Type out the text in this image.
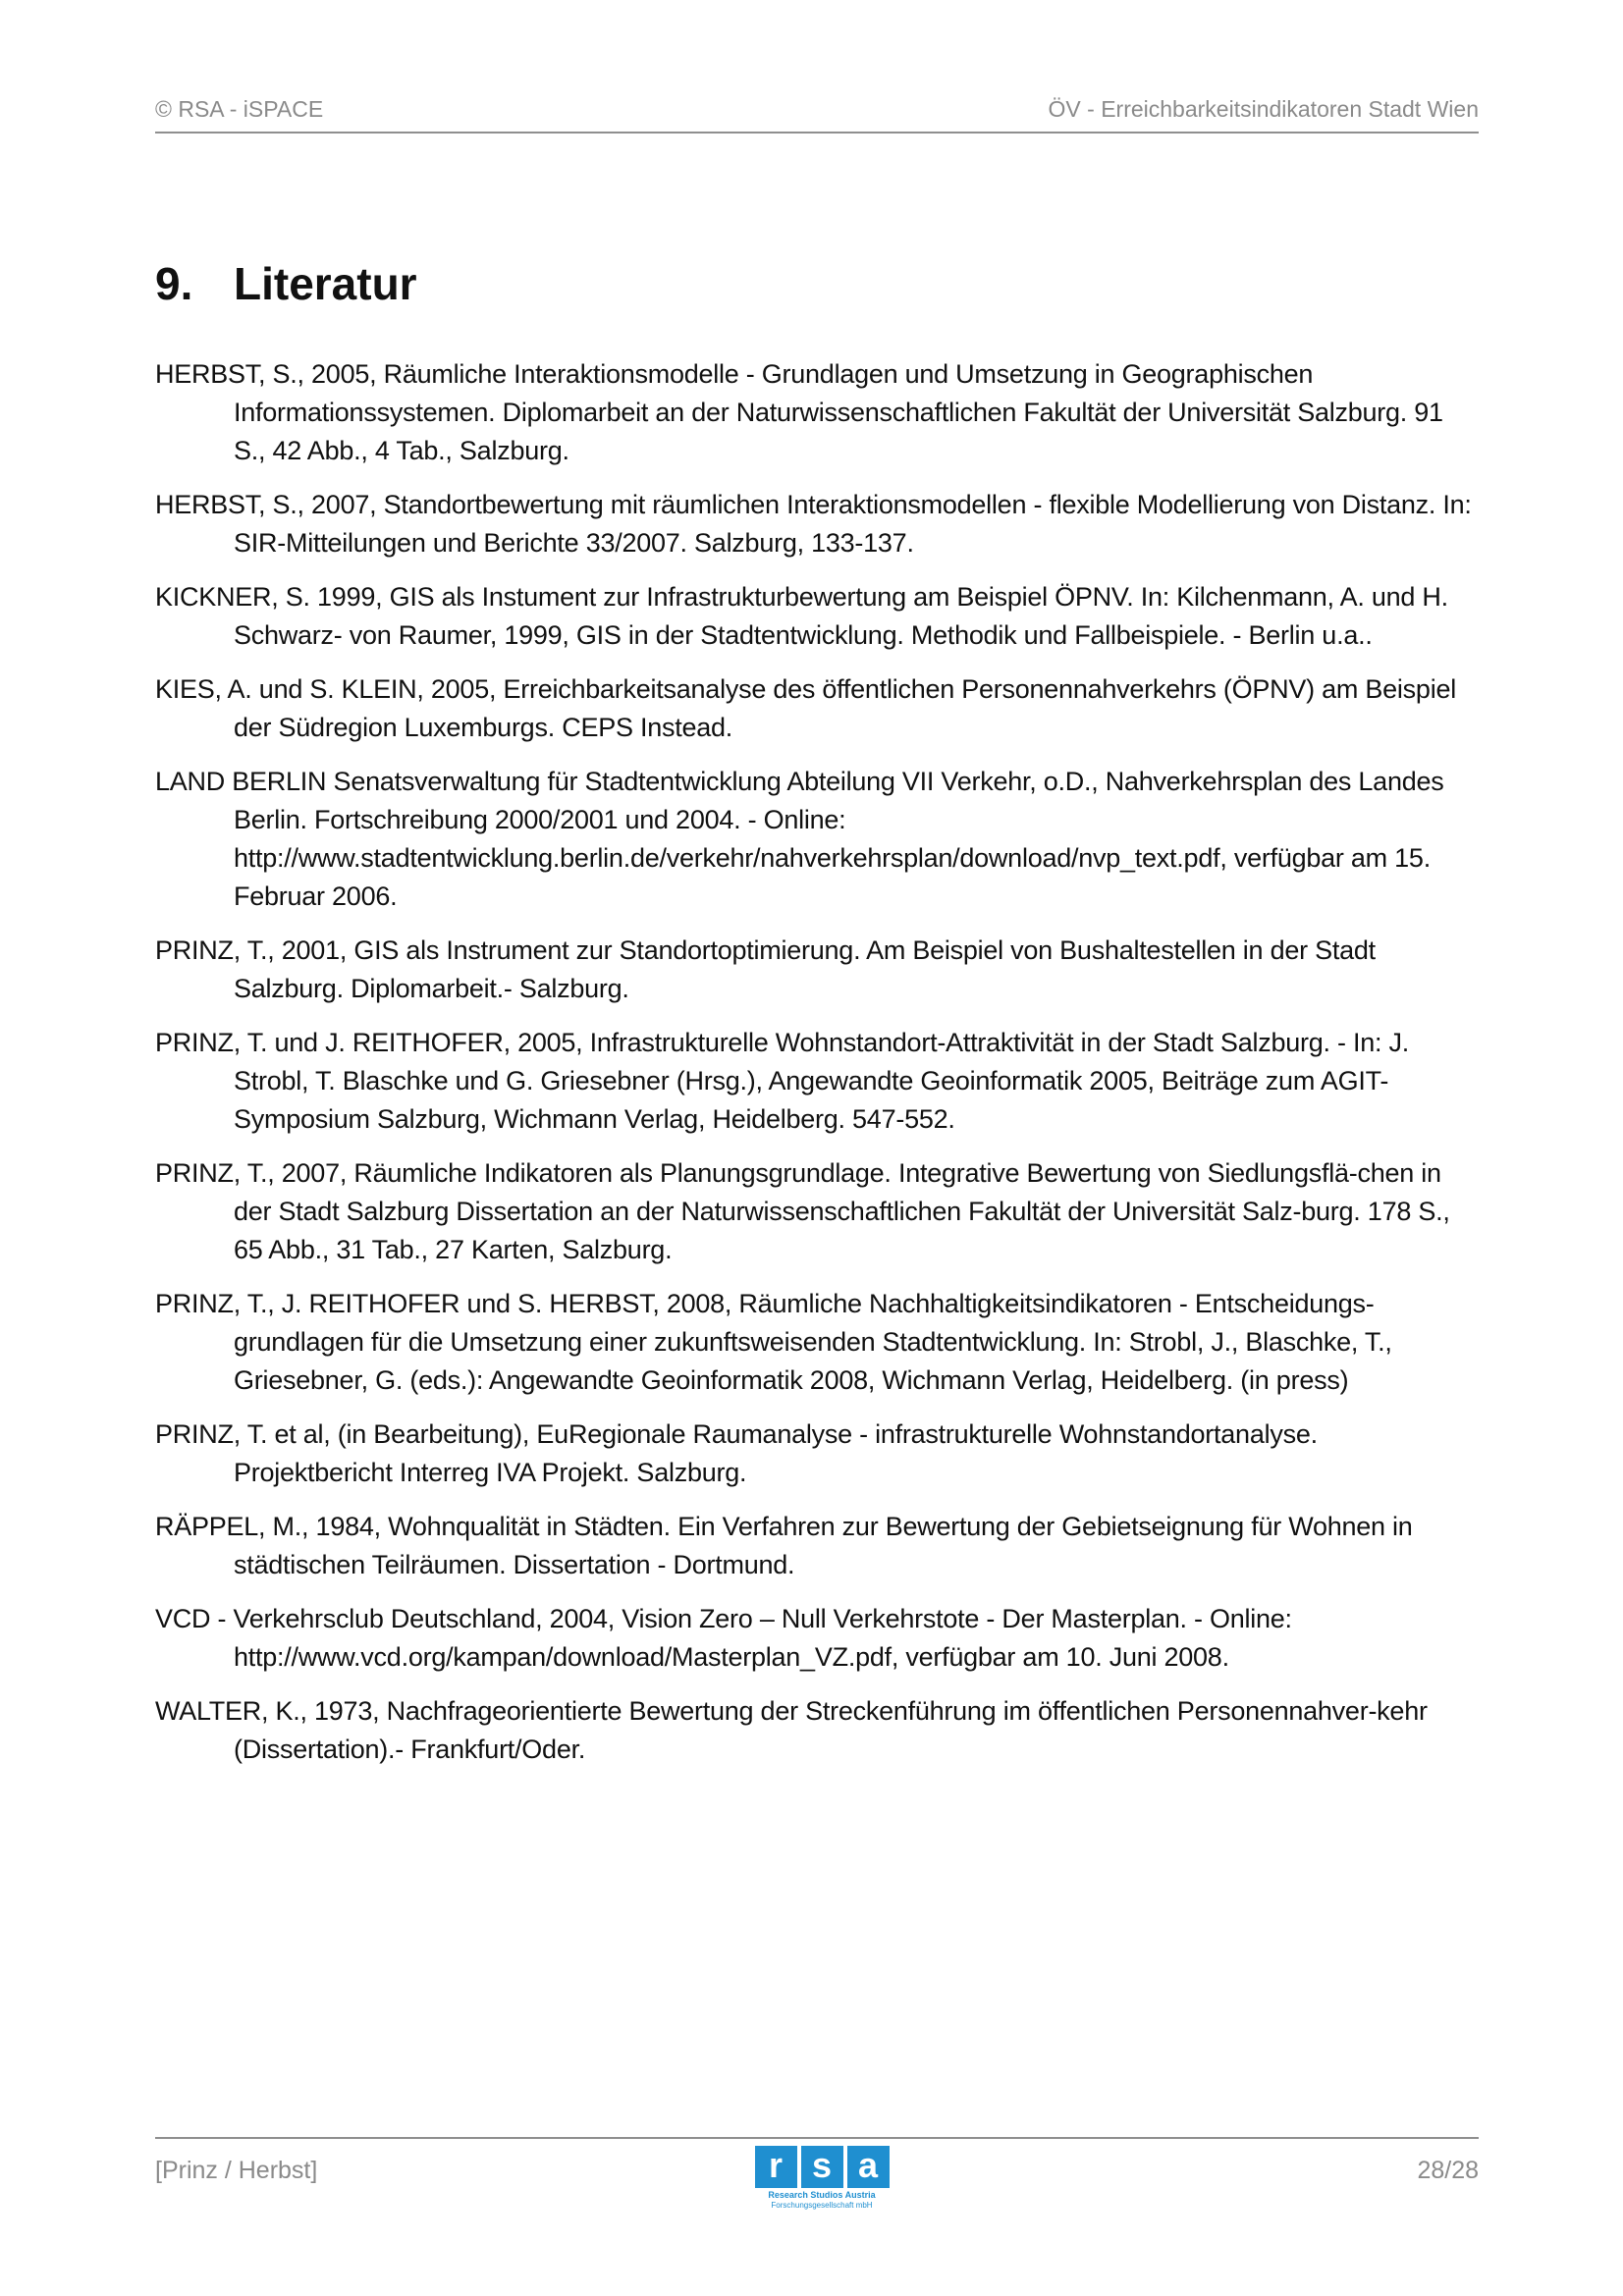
© RSA - iSPACE	ÖV - Erreichbarkeitsindikatoren Stadt Wien
9. Literatur

HERBST, S., 2005, Räumliche Interaktionsmodelle - Grundlagen und Umsetzung in Geographischen Informationssystemen. Diplomarbeit an der Naturwissenschaftlichen Fakultät der Universität Salzburg. 91 S., 42 Abb., 4 Tab., Salzburg.

HERBST, S., 2007, Standortbewertung mit räumlichen Interaktionsmodellen - flexible Modellierung von Distanz. In: SIR-Mitteilungen und Berichte 33/2007. Salzburg, 133-137.

KICKNER, S. 1999, GIS als Instument zur Infrastrukturbewertung am Beispiel ÖPNV. In: Kilchenmann, A. und H. Schwarz- von Raumer, 1999, GIS in der Stadtentwicklung. Methodik und Fallbeispiele. - Berlin u.a..

KIES, A. und S. KLEIN, 2005, Erreichbarkeitsanalyse des öffentlichen Personennahverkehrs (ÖPNV) am Beispiel der Südregion Luxemburgs. CEPS Instead.

LAND BERLIN Senatsverwaltung für Stadtentwicklung Abteilung VII Verkehr, o.D., Nahverkehrsplan des Landes Berlin. Fortschreibung 2000/2001 und 2004. - Online: http://www.stadtentwicklung.berlin.de/verkehr/nahverkehrsplan/download/nvp_text.pdf, verfügbar am 15. Februar 2006.

PRINZ, T., 2001, GIS als Instrument zur Standortoptimierung. Am Beispiel von Bushaltestellen in der Stadt Salzburg. Diplomarbeit.- Salzburg.

PRINZ, T. und J. REITHOFER, 2005, Infrastrukturelle Wohnstandort-Attraktivität in der Stadt Salzburg. - In: J. Strobl, T. Blaschke und G. Griesebner (Hrsg.), Angewandte Geoinformatik 2005, Beiträge zum AGIT-Symposium Salzburg, Wichmann Verlag, Heidelberg. 547-552.

PRINZ, T., 2007, Räumliche Indikatoren als Planungsgrundlage. Integrative Bewertung von Siedlungsflä-chen in der Stadt Salzburg Dissertation an der Naturwissenschaftlichen Fakultät der Universität Salz-burg. 178 S., 65 Abb., 31 Tab., 27 Karten, Salzburg.

PRINZ, T., J. REITHOFER und S. HERBST, 2008, Räumliche Nachhaltigkeitsindikatoren - Entscheidungs-grundlagen für die Umsetzung einer zukunftsweisenden Stadtentwicklung. In: Strobl, J., Blaschke, T., Griesebner, G. (eds.): Angewandte Geoinformatik 2008, Wichmann Verlag, Heidelberg. (in press)

PRINZ, T. et al, (in Bearbeitung), EuRegionale Raumanalyse - infrastrukturelle Wohnstandortanalyse. Projektbericht Interreg IVA Projekt. Salzburg.

RÄPPEL, M., 1984, Wohnqualität in Städten. Ein Verfahren zur Bewertung der Gebietseignung für Wohnen in städtischen Teilräumen. Dissertation - Dortmund.

VCD - Verkehrsclub Deutschland, 2004, Vision Zero – Null Verkehrstote - Der Masterplan. - Online: http://www.vcd.org/kampan/download/Masterplan_VZ.pdf, verfügbar am 10. Juni 2008.

WALTER, K., 1973, Nachfrageorientierte Bewertung der Streckenführung im öffentlichen Personennahver-kehr (Dissertation).- Frankfurt/Oder.

[Prinz / Herbst]	r s a
Research Studios Austria
Forschungsgesellschaft mbH
28/28
